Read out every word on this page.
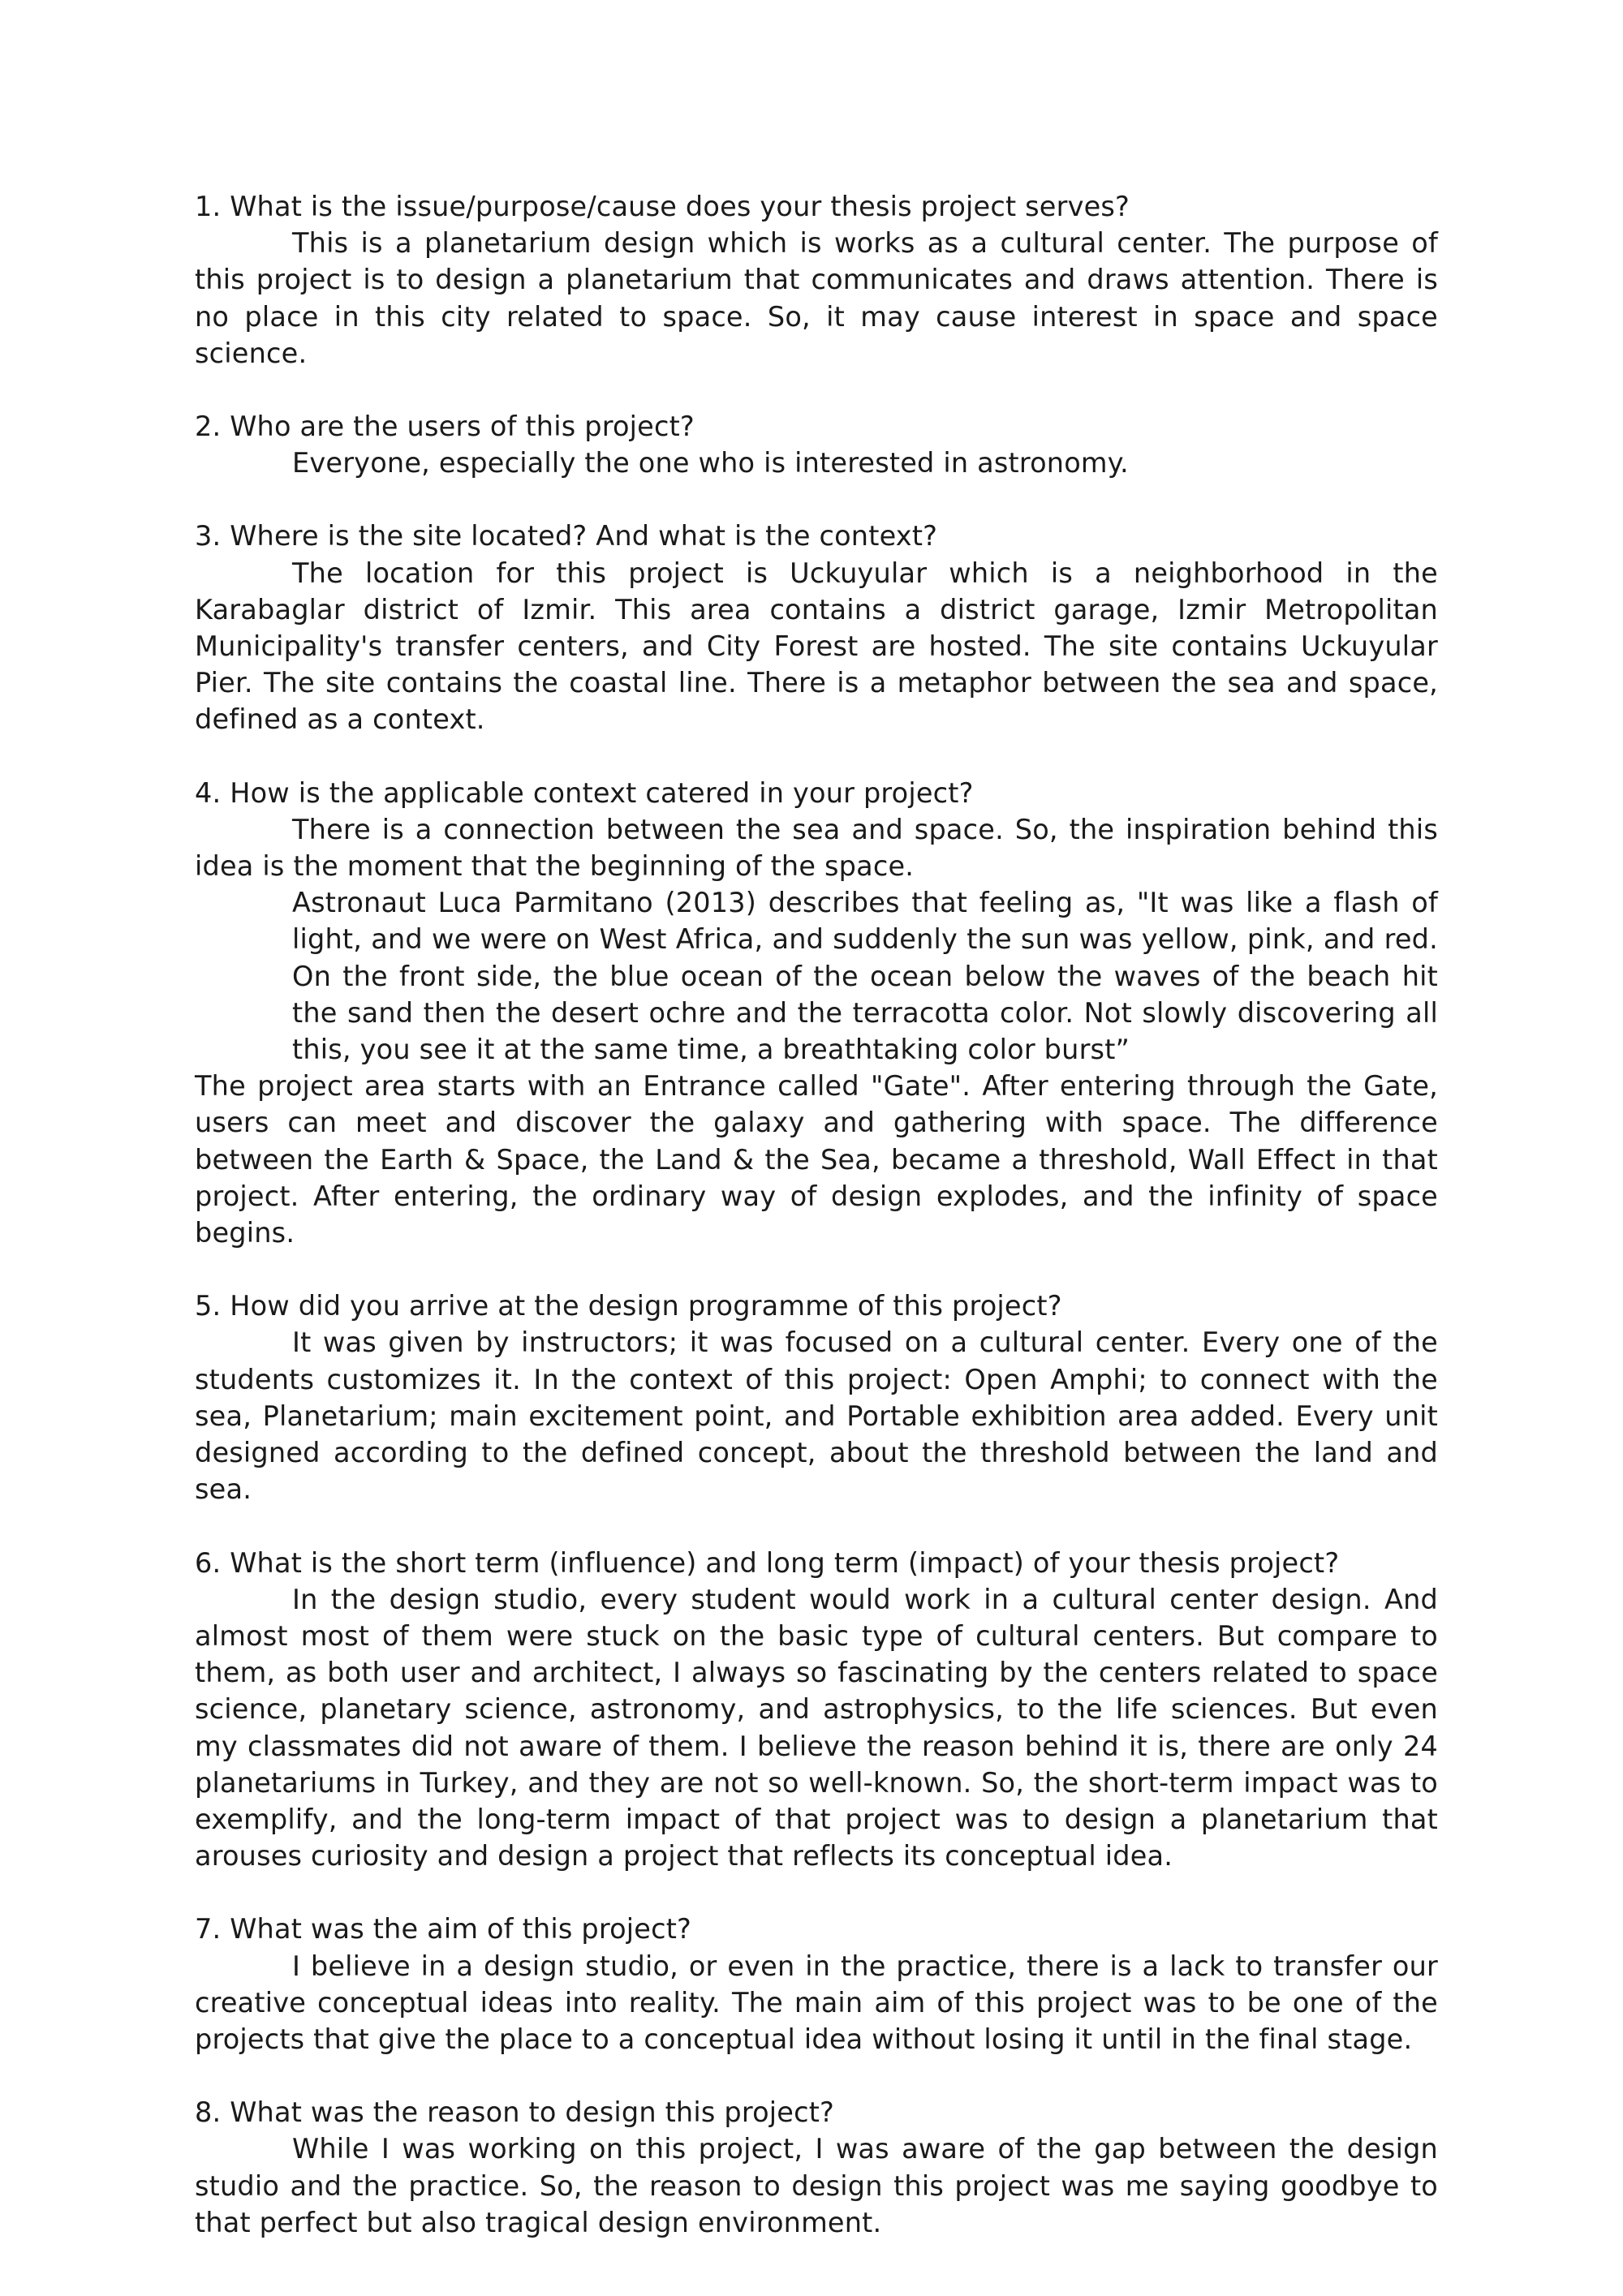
1. What is the issue/purpose/cause does your thesis project serves?

This is a planetarium design which is works as a cultural center. The purpose of this project is to design a planetarium that communicates and draws attention. There is no place in this city related to space. So, it may cause interest in space and space science.

2. Who are the users of this project?

Everyone, especially the one who is interested in astronomy.

3. Where is the site located? And what is the context?

The location for this project is Uckuyular which is a neighborhood in the Karabaglar district of Izmir. This area contains a district garage, Izmir Metropolitan Municipality's transfer centers, and City Forest are hosted. The site contains Uckuyular Pier. The site contains the coastal line. There is a metaphor between the sea and space, defined as a context.

4. How is the applicable context catered in your project?

There is a connection between the sea and space. So, the inspiration behind this idea is the moment that the beginning of the space.

Astronaut Luca Parmitano (2013) describes that feeling as, "It was like a flash of light, and we were on West Africa, and suddenly the sun was yellow, pink, and red. On the front side, the blue ocean of the ocean below the waves of the beach hit the sand then the desert ochre and the terracotta color. Not slowly discovering all this, you see it at the same time, a breathtaking color burst”

The project area starts with an Entrance called "Gate". After entering through the Gate, users can meet and discover the galaxy and gathering with space. The difference between the Earth & Space, the Land & the Sea, became a threshold, Wall Effect in that project. After entering, the ordinary way of design explodes, and the infinity of space begins.

5. How did you arrive at the design programme of this project?

It was given by instructors; it was focused on a cultural center. Every one of the students customizes it. In the context of this project: Open Amphi; to connect with the sea, Planetarium; main excitement point, and Portable exhibition area added. Every unit designed according to the defined concept, about the threshold between the land and sea.

6. What is the short term (influence) and long term (impact) of your thesis project?

In the design studio, every student would work in a cultural center design. And almost most of them were stuck on the basic type of cultural centers. But compare to them, as both user and architect, I always so fascinating by the centers related to space science, planetary science, astronomy, and astrophysics, to the life sciences. But even my classmates did not aware of them. I believe the reason behind it is, there are only 24 planetariums in Turkey, and they are not so well-known. So, the short-term impact was to exemplify, and the long-term impact of that project was to design a planetarium that arouses curiosity and design a project that reflects its conceptual idea.

7. What was the aim of this project?

I believe in a design studio, or even in the practice, there is a lack to transfer our creative conceptual ideas into reality. The main aim of this project was to be one of the projects that give the place to a conceptual idea without losing it until in the final stage.

8. What was the reason to design this project?

While I was working on this project, I was aware of the gap between the design studio and the practice. So, the reason to design this project was me saying goodbye to that perfect but also tragical design environment.
